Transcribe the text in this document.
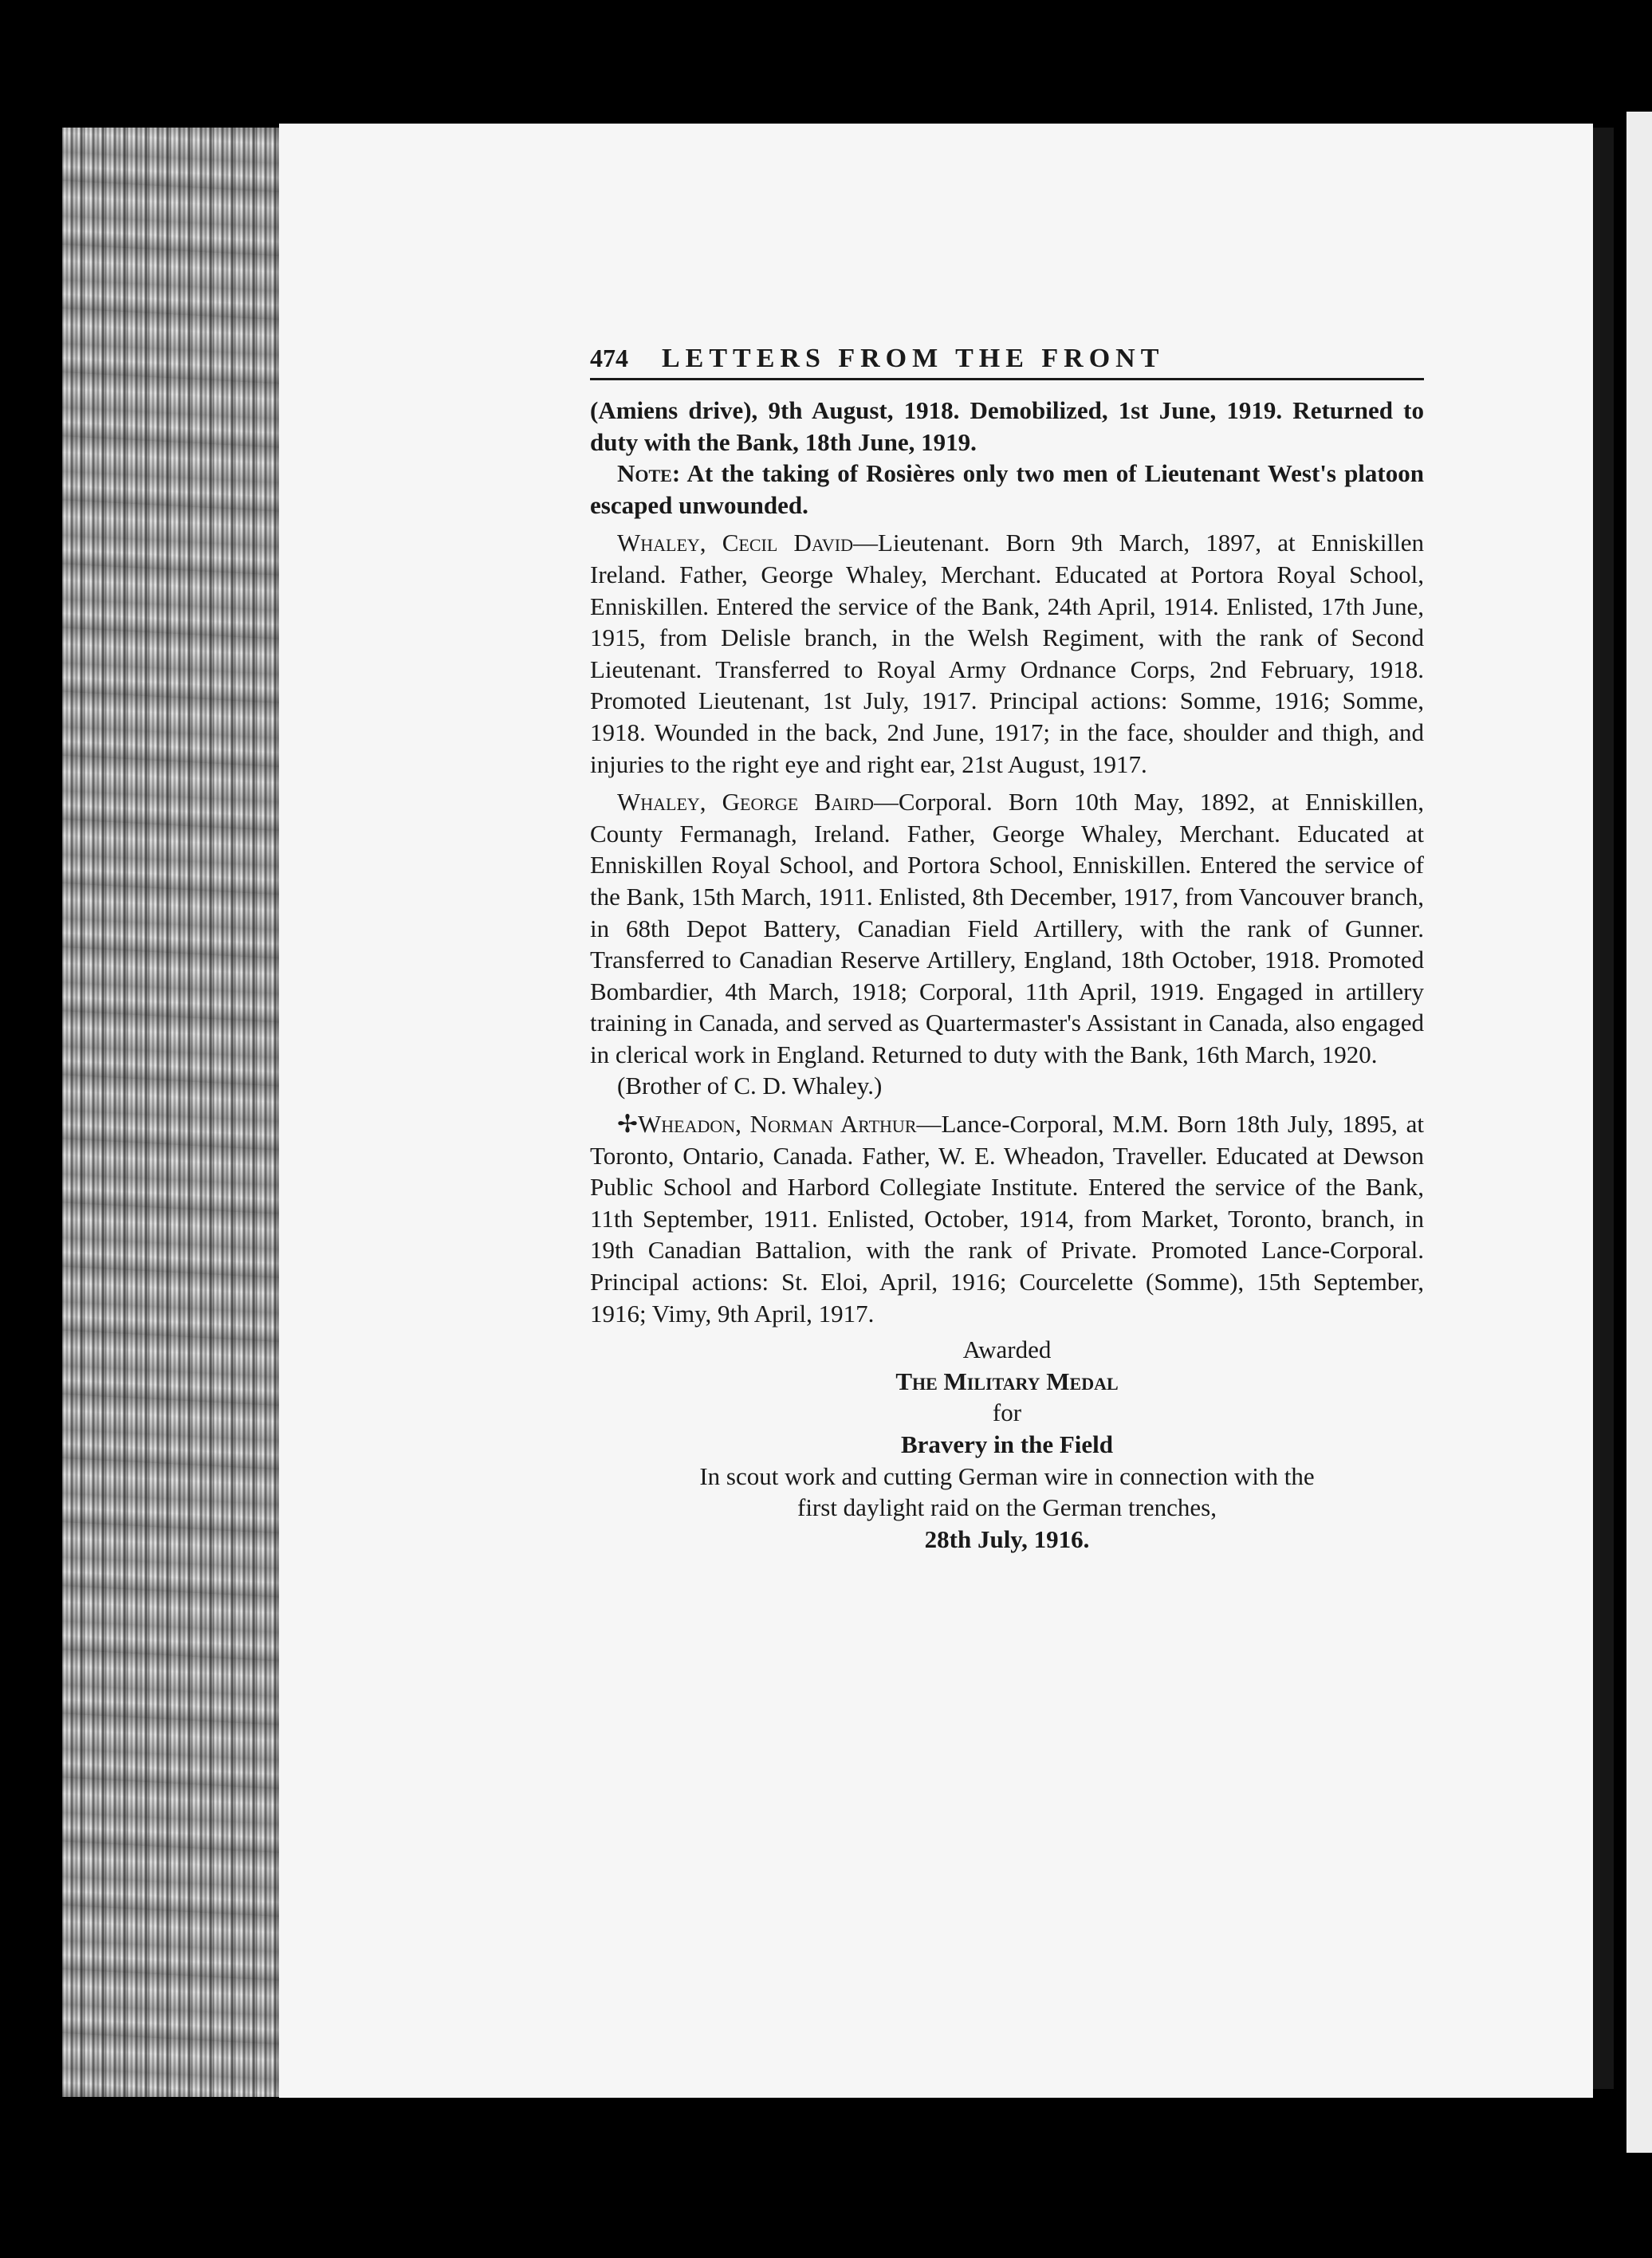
474	LETTERS FROM THE FRONT

(Amiens drive), 9th August, 1918. Demobilized, 1st June, 1919. Returned to duty with the Bank, 18th June, 1919.

Note: At the taking of Rosières only two men of Lieutenant West's platoon escaped unwounded.

Whaley, Cecil David—Lieutenant. Born 9th March, 1897, at Enniskillen Ireland. Father, George Whaley, Merchant. Educated at Portora Royal School, Enniskillen. Entered the service of the Bank, 24th April, 1914. Enlisted, 17th June, 1915, from Delisle branch, in the Welsh Regiment, with the rank of Second Lieutenant. Transferred to Royal Army Ordnance Corps, 2nd February, 1918. Promoted Lieutenant, 1st July, 1917. Principal actions: Somme, 1916; Somme, 1918. Wounded in the back, 2nd June, 1917; in the face, shoulder and thigh, and injuries to the right eye and right ear, 21st August, 1917.

Whaley, George Baird—Corporal. Born 10th May, 1892, at Enniskillen, County Fermanagh, Ireland. Father, George Whaley, Merchant. Educated at Enniskillen Royal School, and Portora School, Enniskillen. Entered the service of the Bank, 15th March, 1911. Enlisted, 8th December, 1917, from Vancouver branch, in 68th Depot Battery, Canadian Field Artillery, with the rank of Gunner. Transferred to Canadian Reserve Artillery, England, 18th October, 1918. Promoted Bombardier, 4th March, 1918; Corporal, 11th April, 1919. Engaged in artillery training in Canada, and served as Quartermaster's Assistant in Canada, also engaged in clerical work in England. Returned to duty with the Bank, 16th March, 1920.

(Brother of C. D. Whaley.)

✢Wheadon, Norman Arthur—Lance-Corporal, M.M. Born 18th July, 1895, at Toronto, Ontario, Canada. Father, W. E. Wheadon, Traveller. Educated at Dewson Public School and Harbord Collegiate Institute. Entered the service of the Bank, 11th September, 1911. Enlisted, October, 1914, from Market, Toronto, branch, in 19th Canadian Battalion, with the rank of Private. Promoted Lance-Corporal. Principal actions: St. Eloi, April, 1916; Courcelette (Somme), 15th September, 1916; Vimy, 9th April, 1917.

Awarded
The Military Medal
for
Bravery in the Field
In scout work and cutting German wire in connection with the
first daylight raid on the German trenches,
28th July, 1916.
